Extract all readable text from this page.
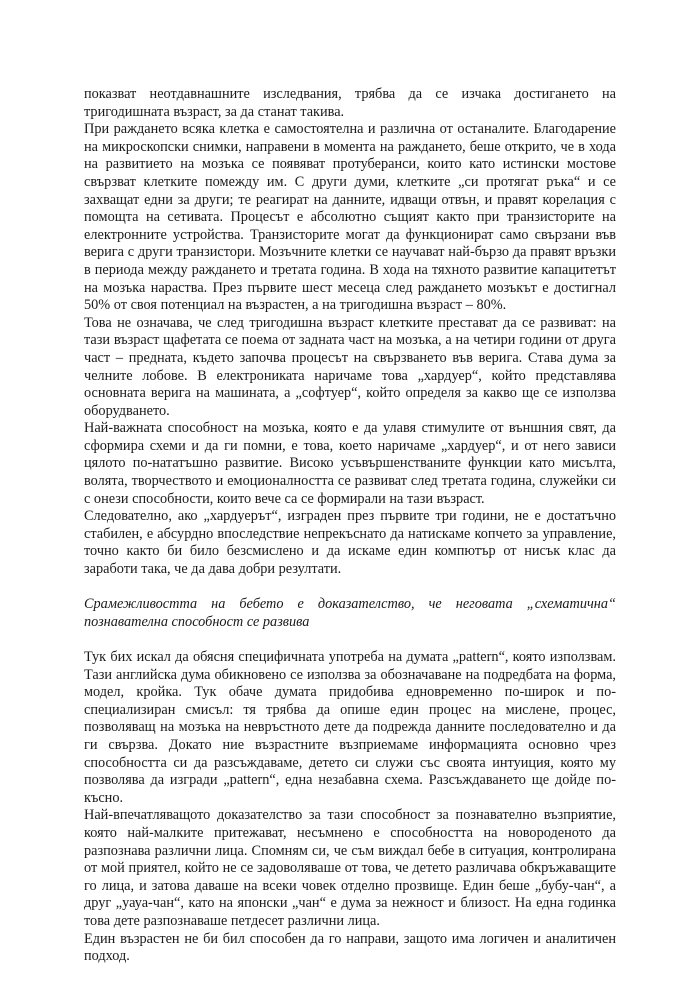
показват неотдавнашните изследвания, трябва да се изчака достигането на тригодишната възраст, за да станат такива.

При раждането всяка клетка е самостоятелна и различна от останалите. Благодарение на микроскопски снимки, направени в момента на раждането, беше открито, че в хода на развитието на мозъка се появяват протуберанси, които като истински мостове свързват клетките помежду им. С други думи, клетките „си протягат ръка“ и се захващат едни за други; те реагират на данните, идващи отвън, и правят корелация с помощта на сетивата. Процесът е абсолютно същият както при транзисторите на електронните устройства. Транзисторите могат да функционират само свързани във верига с други транзистори. Мозъчните клетки се научават най-бързо да правят връзки в периода между раждането и третата година. В хода на тяхното развитие капацитетът на мозъка нараства. През първите шест месеца след раждането мозъкът е достигнал 50% от своя потенциал на възрастен, а на тригодишна възраст – 80%.

Това не означава, че след тригодишна възраст клетките престават да се развиват: на тази възраст щафетата се поема от задната част на мозъка, а на четири години от друга част – предната, където започва процесът на свързването във верига. Става дума за челните лобове. В електрониката наричаме това „хардуер“, който представлява основната верига на машината, а „софтуер“, който определя за какво ще се използва оборудването.

Най-важната способност на мозъка, която е да улавя стимулите от външния свят, да сформира схеми и да ги помни, е това, което наричаме „хардуер“, и от него зависи цялото по-нататъшно развитие. Високо усъвършенстваните функции като мисълта, волята, творчеството и емоционалността се развиват след третата година, служейки си с онези способности, които вече са се формирали на тази възраст.

Следователно, ако „хардуерът“, изграден през първите три години, не е достатъчно стабилен, е абсурдно впоследствие непрекъснато да натискаме копчето за управление, точно както би било безсмислено и да искаме един компютър от нисък клас да заработи така, че да дава добри резултати.

Срамежливостта на бебето е доказателство, че неговата „схематична“ познавателна способност се развива

Тук бих искал да обясня специфичната употреба на думата „pattern“, която използвам. Тази английска дума обикновено се използва за обозначаване на подредбата на форма, модел, кройка. Тук обаче думата придобива едновременно по-широк и по-специализиран смисъл: тя трябва да опише един процес на мислене, процес, позволяващ на мозъка на невръстното дете да подрежда данните последователно и да ги свързва. Докато ние възрастните възприемаме информацията основно чрез способността си да разсъждаваме, детето си служи със своята интуиция, която му позволява да изгради „pattern“, една незабавна схема. Разсъждаването ще дойде по-късно.

Най-впечатляващото доказателство за тази способност за познавателно възприятие, която най-малките притежават, несъмнено е способността на новороденото да разпознава различни лица. Спомням си, че съм виждал бебе в ситуация, контролирана от мой приятел, който не се задоволяваше от това, че детето различава обкръжаващите го лица, и затова даваше на всеки човек отделно прозвище. Един беше „бубу-чан“, а друг „уауа-чан“, като на японски „чан“ е дума за нежност и близост. На една годинка това дете разпознаваше петдесет различни лица.

Един възрастен не би бил способен да го направи, защото има логичен и аналитичен подход.
